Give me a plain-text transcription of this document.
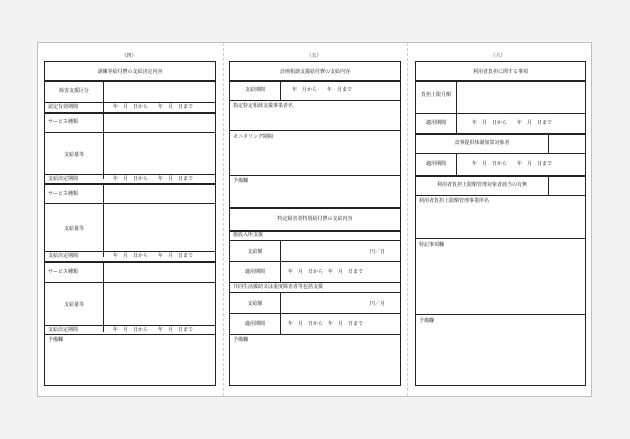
（四）	（五）	（六）
訓練等給付費の支給決定内容
障害支援区分
認定有効期間	年　月　日から　　年　月　日まで
サービス種類
支給量等
支給決定期間	年　月　日から　　年　月　日まで
サービス種類
支給量等
支給決定期間	年　月　日から　　年　月　日まで
サービス種類
支給量等
支給決定期間	年　月　日から　　年　月　日まで
予備欄
計画相談支援給付費の支給内容
支給期間	年　月から　　年　月まで
指定特定相談支援事業者名
モニタリング期間
予備欄
特定障害者特別給付費の支給内容
施設入所支援
支給額	円／日
適用期間	年　月　日から　年　月　日まで
共同生活援助又は重度障害者等包括支援
支給額	円／月
適用期間	年　月　日から　年　月　日まで
予備欄
利用者負担に関する事項
負担上限月額
適用期間	年　月　日から　　年　月　日まで
食事提供体制加算対象者
適用期間	年　月　日から　　年　月　日まで
利用者負担上限額管理対象者該当の有無
利用者負担上限額管理事業所名
特記事項欄
予備欄
